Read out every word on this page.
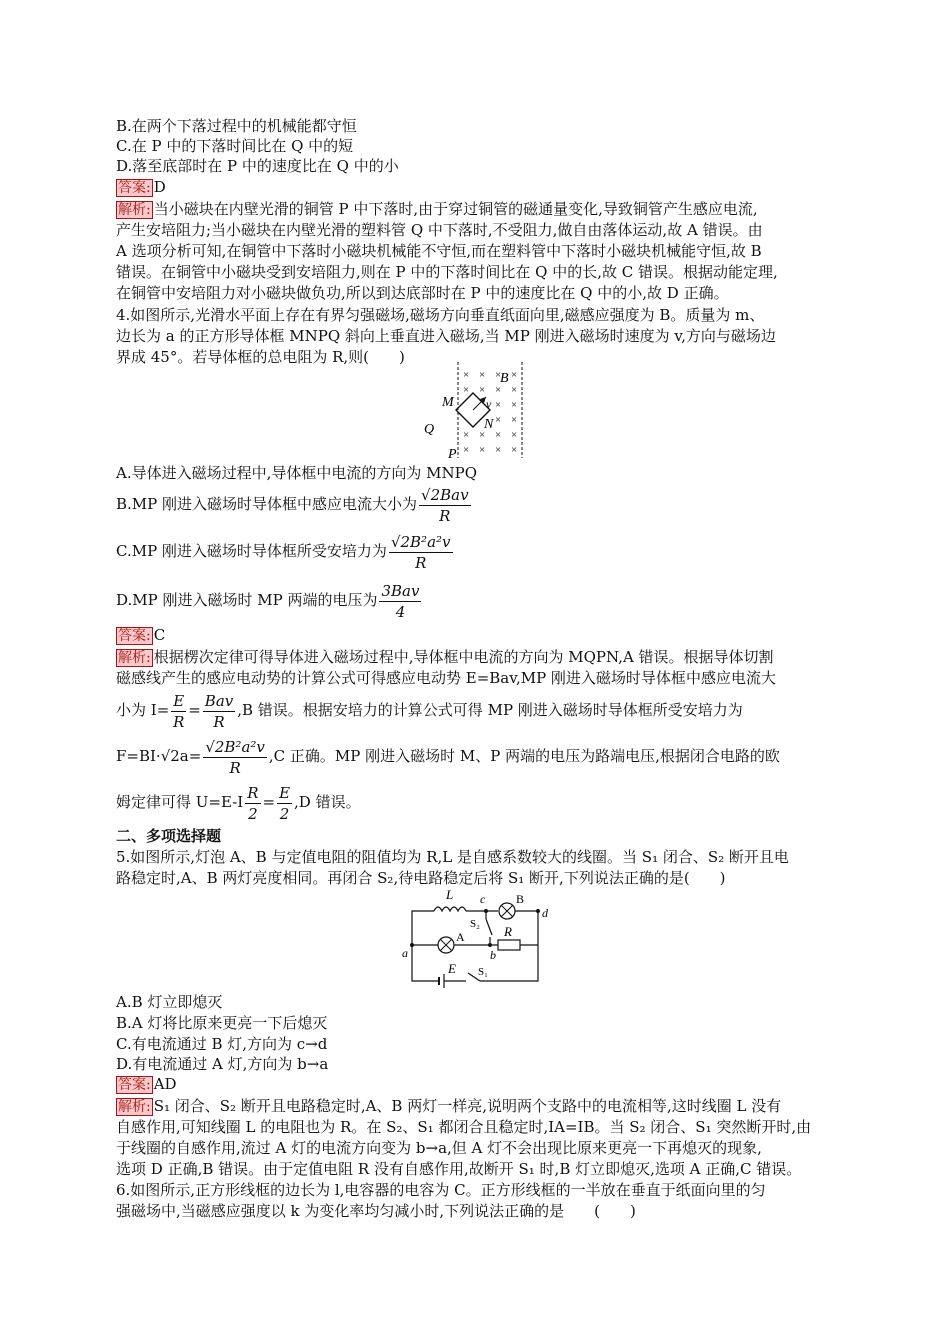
B.在两个下落过程中的机械能都守恒
C.在 P 中的下落时间比在 Q 中的短
D.落至底部时在 P 中的速度比在 Q 中的小
答案: D
解析: 当小磁块在内壁光滑的铜管 P 中下落时,由于穿过铜管的磁通量变化,导致铜管产生感应电流,
产生安培阻力;当小磁块在内壁光滑的塑料管 Q 中下落时,不受阻力,做自由落体运动,故 A 错误。由
A 选项分析可知,在铜管中下落时小磁块机械能不守恒,而在塑料管中下落时小磁块机械能守恒,故 B
错误。在铜管中小磁块受到安培阻力,则在 P 中的下落时间比在 Q 中的长,故 C 错误。根据动能定理,
在铜管中安培阻力对小磁块做负功,所以到达底部时在 P 中的速度比在 Q 中的小,故 D 正确。
4.如图所示,光滑水平面上存在有界匀强磁场,磁场方向垂直纸面向里,磁感应强度为 B。质量为 m、
边长为 a 的正方形导体框 MNPQ 斜向上垂直进入磁场,当 MP 刚进入磁场时速度为 v,方向与磁场边
界成 45°。若导体框的总电阻为 R,则(　　)
× × × ×
× × × ×
× ×
× ×
× × × ×
× × × ×
B
M	v
Q	N
P
A.导体进入磁场过程中,导体框中电流的方向为 MNPQ
B.MP 刚进入磁场时导体框中感应电流大小为 $\frac{\text{√2Bav}}{R}$
C.MP 刚进入磁场时导体框所受安培力为 $\frac{\text{√2B²a²v}}{R}$
D.MP 刚进入磁场时 MP 两端的电压为 $\frac{\text{3Bav}}{4}$
答案: C
解析: 根据楞次定律可得导体进入磁场过程中,导体框中电流的方向为 MQPN,A 错误。根据导体切割
磁感线产生的感应电动势的计算公式可得感应电动势 E=Bav,MP 刚进入磁场时导体框中感应电流大
小为 $I= \frac{E}{R} = \frac{\text{Bav}}{R} ,B$ 错误。根据安培力的计算公式可得 MP 刚进入磁场时导体框所受安培力为
$F=BI\cdot√2a= \frac{\text{√2B²a²v}}{R} ,C$ 正确。MP 刚进入磁场时 M、P 两端的电压为路端电压,根据闭合电路的欧
姆定律可得 $U=E-I \frac{R}{2} = \frac{E}{2} ,D$ 错误。
二、多项选择题
5.如图所示,灯泡 A、B 与定值电阻的阻值均为 R,L 是自感系数较大的线圈。当 S₁ 闭合、S₂ 断开且电
路稳定时,A、B 两灯亮度相同。再闭合 S₂,待电路稳定后将 S₁ 断开,下列说法正确的是(　　)
L c	B
d
S₂
A	R
a	b
E S₁
A.B 灯立即熄灭
B.A 灯将比原来更亮一下后熄灭
C.有电流通过 B 灯,方向为 c→d
D.有电流通过 A 灯,方向为 b→a
答案: AD
解析: S₁ 闭合、S₂ 断开且电路稳定时,A、B 两灯一样亮,说明两个支路中的电流相等,这时线圈 L 没有
自感作用,可知线圈 L 的电阻也为 R。在 S₂、S₁ 都闭合且稳定时,IA=IB。当 S₂ 闭合、S₁ 突然断开时,由
于线圈的自感作用,流过 A 灯的电流方向变为 b→a,但 A 灯不会出现比原来更亮一下再熄灭的现象,
选项 D 正确,B 错误。由于定值电阻 R 没有自感作用,故断开 S₁ 时,B 灯立即熄灭,选项 A 正确,C 错误。
6.如图所示,正方形线框的边长为 l,电容器的电容为 C。正方形线框的一半放在垂直于纸面向里的匀
强磁场中,当磁感应强度以 k 为变化率均匀减小时,下列说法正确的是　　(　　)
